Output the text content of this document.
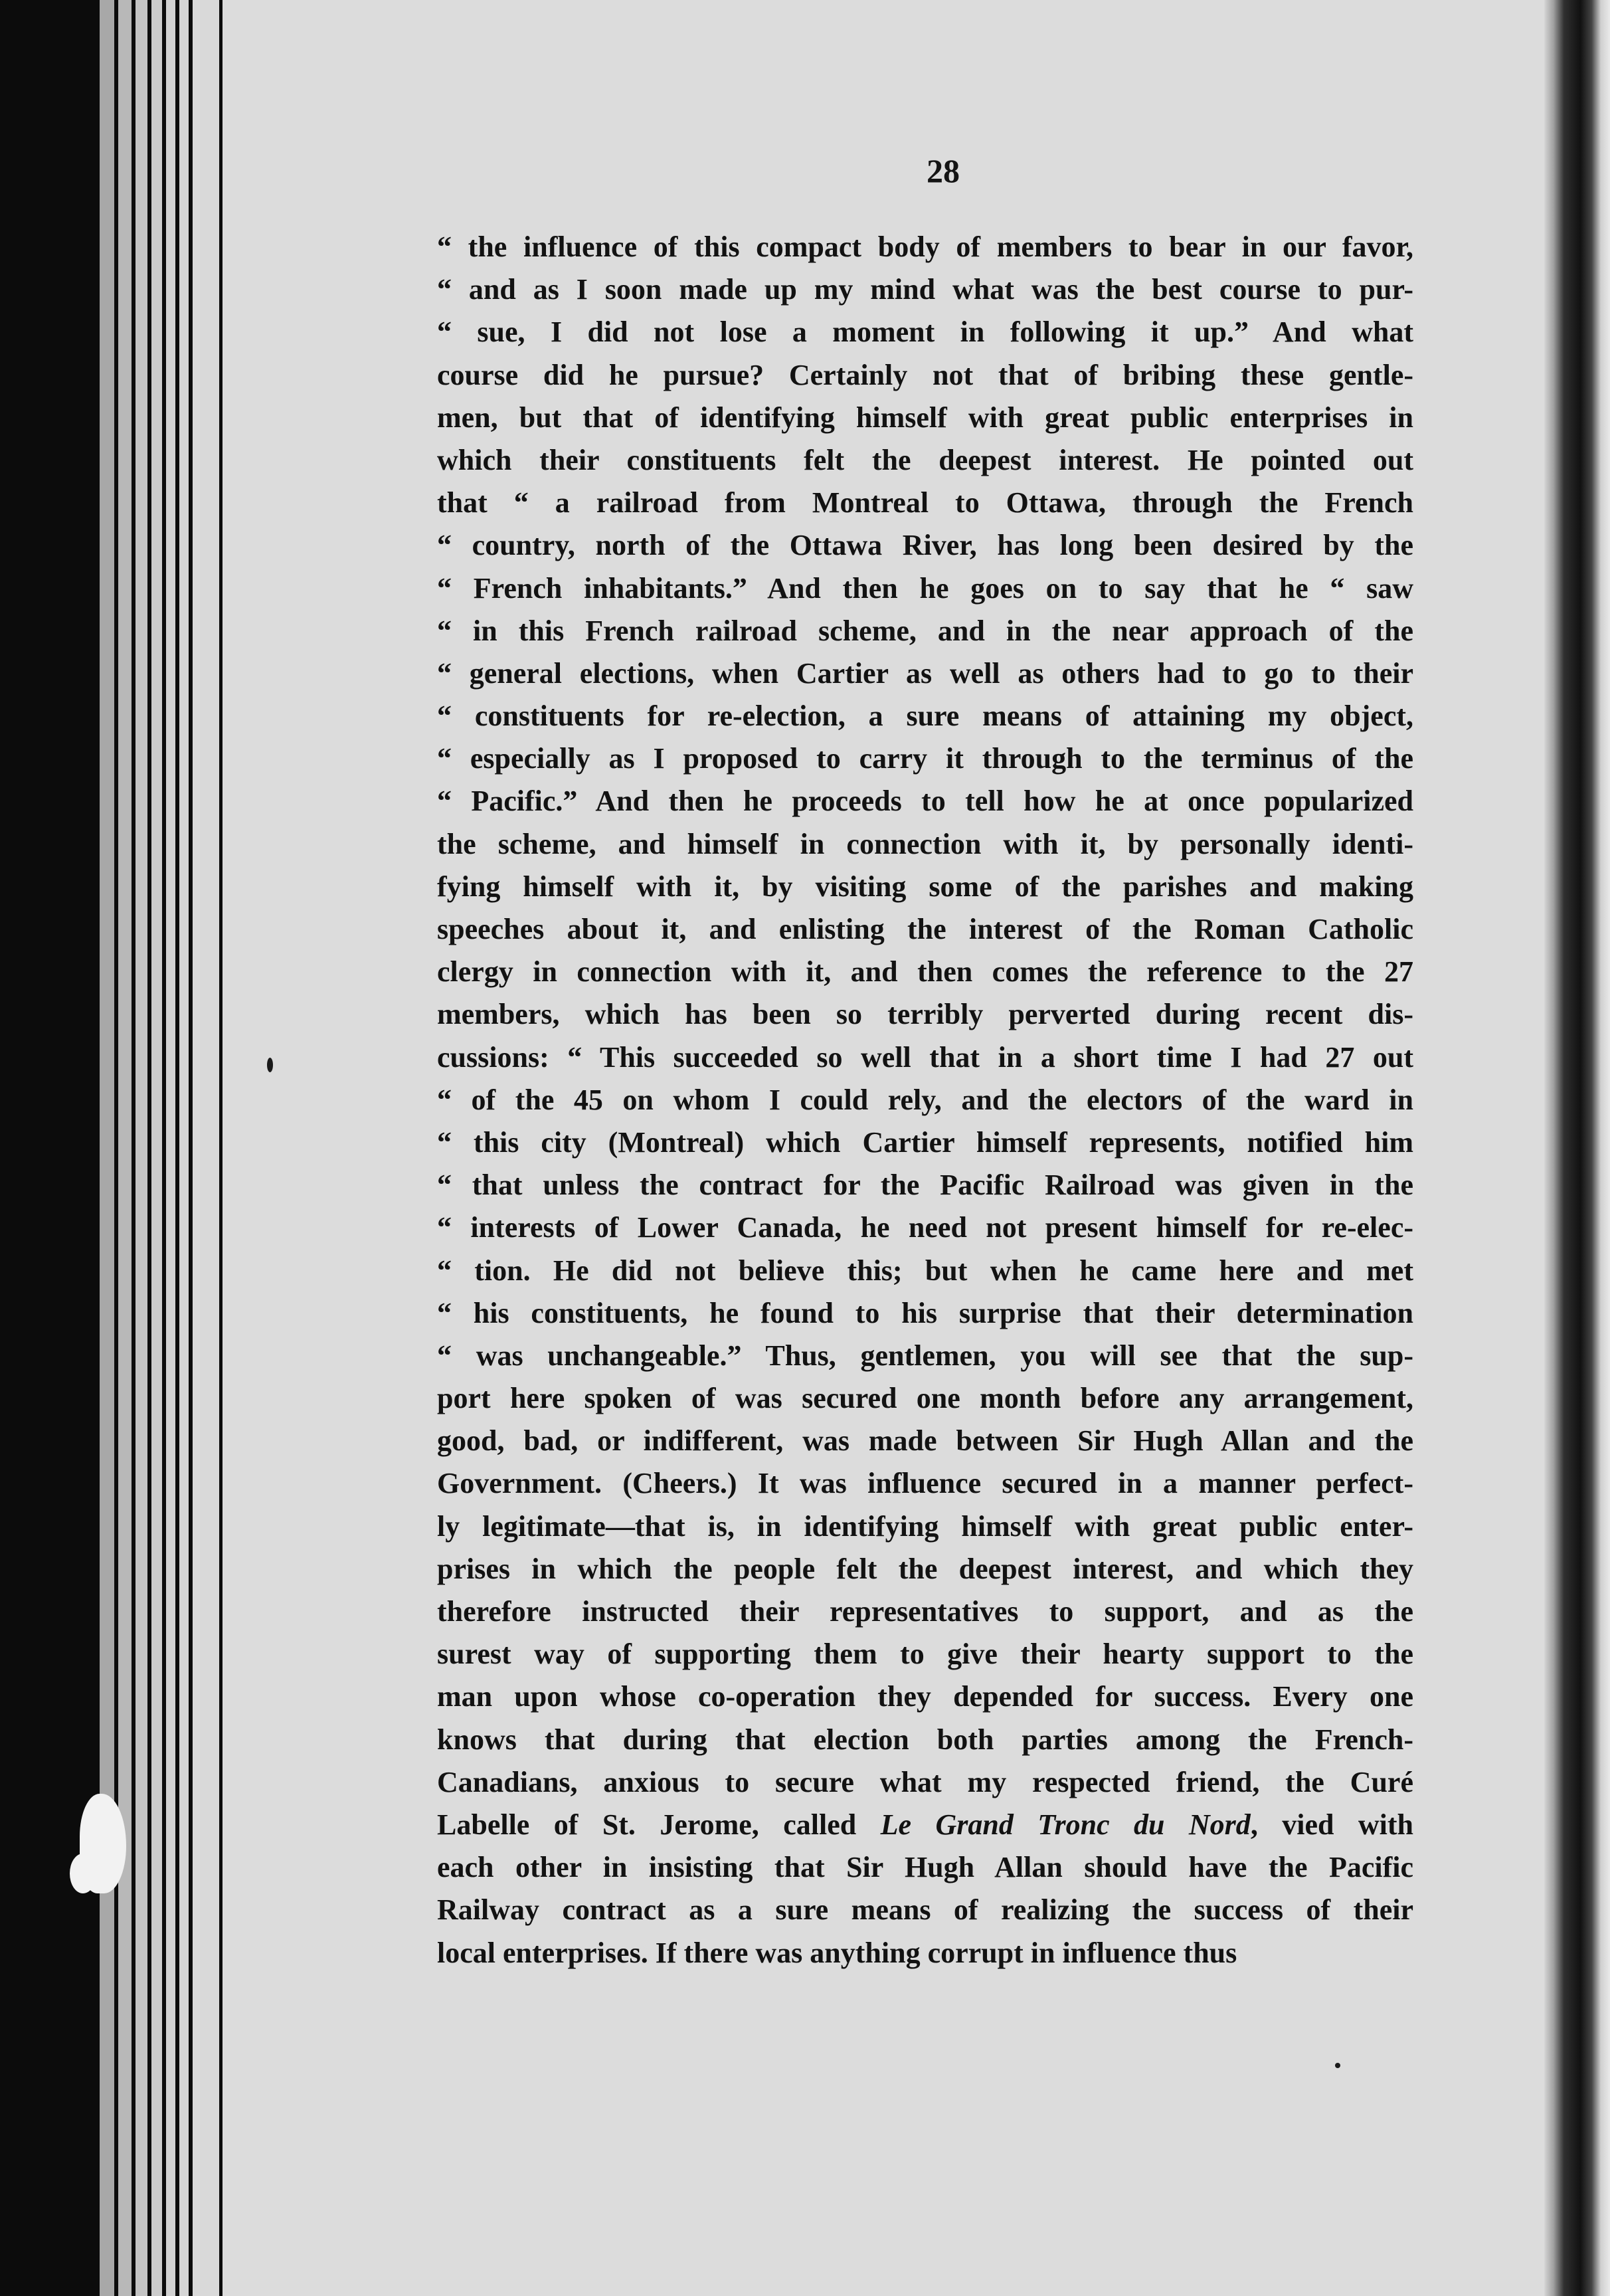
28
“ the influence of this compact body of members to bear in our favor,
“ and as I soon made up my mind what was the best course to pur-
“ sue, I did not lose a moment in following it up.” And what
course did he pursue? Certainly not that of bribing these gentle-
men, but that of identifying himself with great public enterprises in
which their constituents felt the deepest interest. He pointed out
that “ a railroad from Montreal to Ottawa, through the French
“ country, north of the Ottawa River, has long been desired by the
“ French inhabitants.” And then he goes on to say that he “ saw
“ in this French railroad scheme, and in the near approach of the
“ general elections, when Cartier as well as others had to go to their
“ constituents for re-election, a sure means of attaining my object,
“ especially as I proposed to carry it through to the terminus of the
“ Pacific.” And then he proceeds to tell how he at once popularized
the scheme, and himself in connection with it, by personally identi-
fying himself with it, by visiting some of the parishes and making
speeches about it, and enlisting the interest of the Roman Catholic
clergy in connection with it, and then comes the reference to the 27
members, which has been so terribly perverted during recent dis-
cussions: “ This succeeded so well that in a short time I had 27 out
“ of the 45 on whom I could rely, and the electors of the ward in
“ this city (Montreal) which Cartier himself represents, notified him
“ that unless the contract for the Pacific Railroad was given in the
“ interests of Lower Canada, he need not present himself for re-elec-
“ tion. He did not believe this; but when he came here and met
“ his constituents, he found to his surprise that their determination
“ was unchangeable.” Thus, gentlemen, you will see that the sup-
port here spoken of was secured one month before any arrangement,
good, bad, or indifferent, was made between Sir Hugh Allan and the
Government. (Cheers.) It was influence secured in a manner perfect-
ly legitimate—that is, in identifying himself with great public enter-
prises in which the people felt the deepest interest, and which they
therefore instructed their representatives to support, and as the
surest way of supporting them to give their hearty support to the
man upon whose co-operation they depended for success. Every one
knows that during that election both parties among the French-
Canadians, anxious to secure what my respected friend, the Curé
Labelle of St. Jerome, called Le Grand Tronc du Nord, vied with
each other in insisting that Sir Hugh Allan should have the Pacific
Railway contract as a sure means of realizing the success of their
local enterprises. If there was anything corrupt in influence thus
